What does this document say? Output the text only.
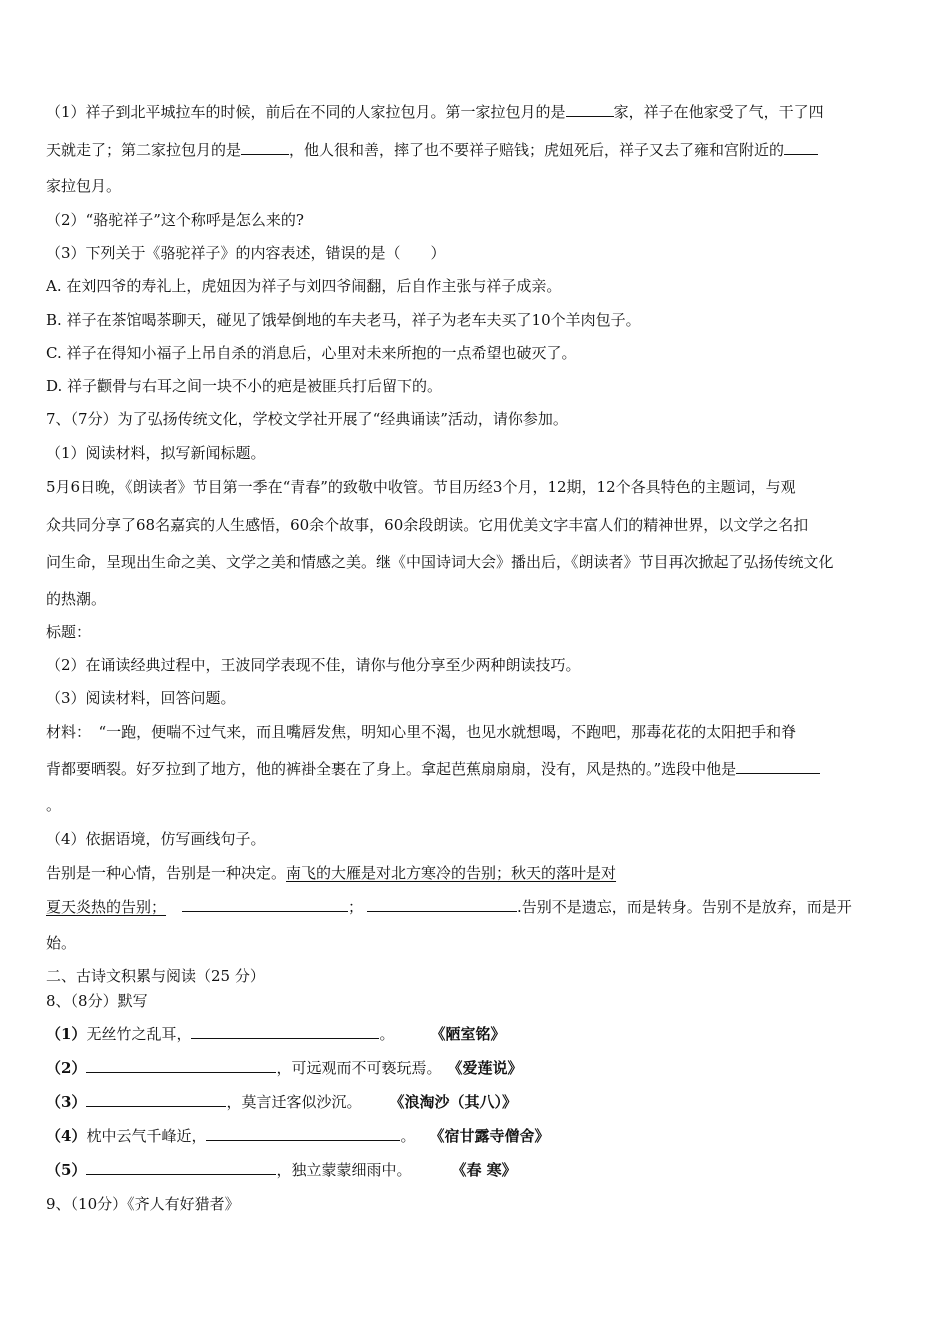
（1）祥子到北平城拉车的时候，前后在不同的人家拉包月。第一家拉包月的是	家，祥子在他家受了气，干了四
天就走了；第二家拉包月的是	，他人很和善，摔了也不要祥子赔钱；虎妞死后，祥子又去了雍和宫附近的
家拉包月。
（2）“骆驼祥子”这个称呼是怎么来的?
（3）下列关于《骆驼祥子》的内容表述，错误的是（　　）
A. 在刘四爷的寿礼上，虎妞因为祥子与刘四爷闹翻，后自作主张与祥子成亲。
B. 祥子在茶馆喝茶聊天，碰见了饿晕倒地的车夫老马，祥子为老车夫买了10个羊肉包子。
C. 祥子在得知小福子上吊自杀的消息后，心里对未来所抱的一点希望也破灭了。
D. 祥子颧骨与右耳之间一块不小的疤是被匪兵打后留下的。
7、（7分）为了弘扬传统文化，学校文学社开展了“经典诵读”活动，请你参加。
（1）阅读材料，拟写新闻标题。
5月6日晚，《朗读者》节目第一季在“青春”的致敬中收管。节目历经3个月，12期，12个各具特色的主题词，与观
众共同分享了68名嘉宾的人生感悟，60余个故事，60余段朗读。它用优美文字丰富人们的精神世界，以文学之名扣
问生命，呈现出生命之美、文学之美和情感之美。继《中国诗词大会》播出后，《朗读者》节目再次掀起了弘扬传统文化
的热潮。
标题：
（2）在诵读经典过程中，王波同学表现不佳，请你与他分享至少两种朗读技巧。
（3）阅读材料，回答问题。
材料：　“一跑，便喘不过气来，而且嘴唇发焦，明知心里不渴，也见水就想喝，不跑吧，那毒花花的太阳把手和脊
背都要晒裂。好歹拉到了地方，他的裤褂全裹在了身上。拿起芭蕉扇扇扇，没有，风是热的。”选段中他是
。
（4）依据语境，仿写画线句子。
告别是一种心情，告别是一种决定。南飞的大雁是对北方寒冷的告别；秋天的落叶是对
夏天炎热的告别；	；	.告别不是遗忘，而是转身。告别不是放弃，而是开
始。
二、古诗文积累与阅读（25 分）
8、（8分）默写
（1）无丝竹之乱耳，	。 《陋室铭》
（2）	，可远观而不可亵玩焉。 《爱莲说》
（3）	，莫言迁客似沙沉。 《浪淘沙（其八）》
（4）枕中云气千峰近，	。 《宿甘露寺僧舍》
（5）	，独立蒙蒙细雨中。	《春 寒》
9、（10分）《齐人有好猎者》
